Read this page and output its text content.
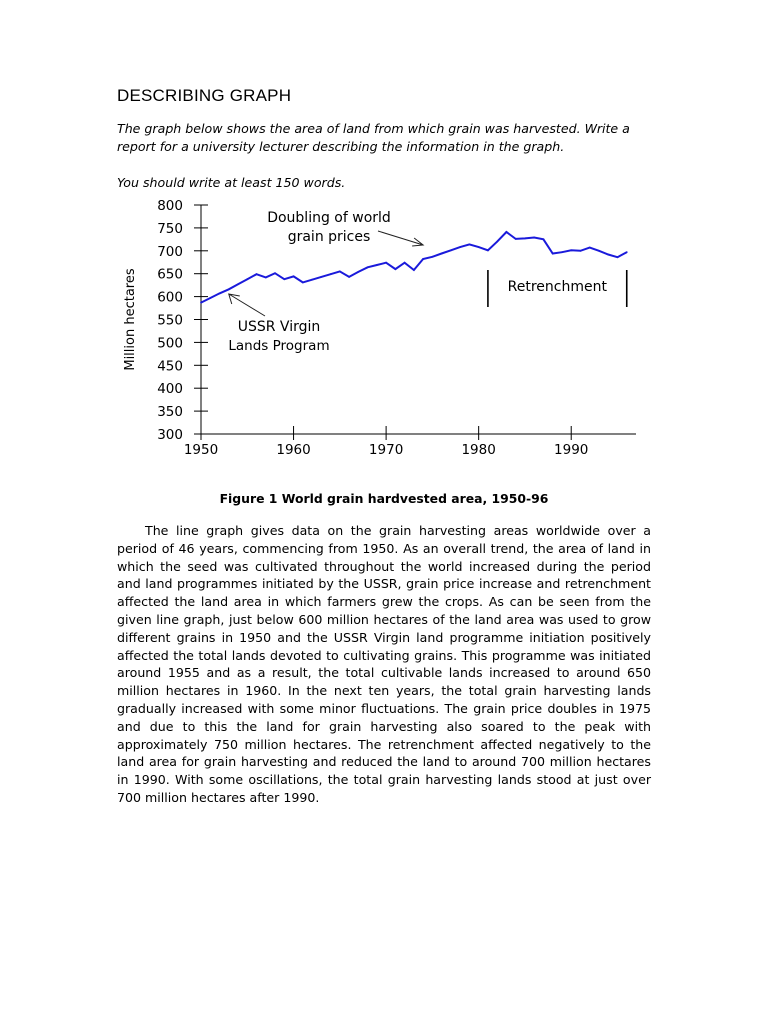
DESCRIBING GRAPH
The graph below shows the area of land from which grain was harvested. Write a report for a university lecturer describing the information in the graph.
You should write at least 150 words.
300
350
400
450
500
550
600
650
700
750
800
1950	1960	1970	1980	1990
Million hectares
Doubling of world
grain prices
USSR Virgin
Lands Program
Retrenchment
Figure 1 World grain hardvested area, 1950-96
The line graph gives data on the grain harvesting areas worldwide over a period of 46 years, commencing from 1950. As an overall trend, the area of land in which the seed was cultivated throughout the world increased during the period and land programmes initiated by the USSR, grain price increase and retrenchment affected the land area in which farmers grew the crops. As can be seen from the given line graph, just below 600 million hectares of the land area was used to grow different grains in 1950 and the USSR Virgin land programme initiation positively affected the total lands devoted to cultivating grains. This programme was initiated around 1955 and as a result, the total cultivable lands increased to around 650 million hectares in 1960. In the next ten years, the total grain harvesting lands gradually increased with some minor fluctuations. The grain price doubles in 1975 and due to this the land for grain harvesting also soared to the peak with approximately 750 million hectares. The retrenchment affected negatively to the land area for grain harvesting and reduced the land to around 700 million hectares in 1990. With some oscillations, the total grain harvesting lands stood at just over 700 million hectares after 1990.
